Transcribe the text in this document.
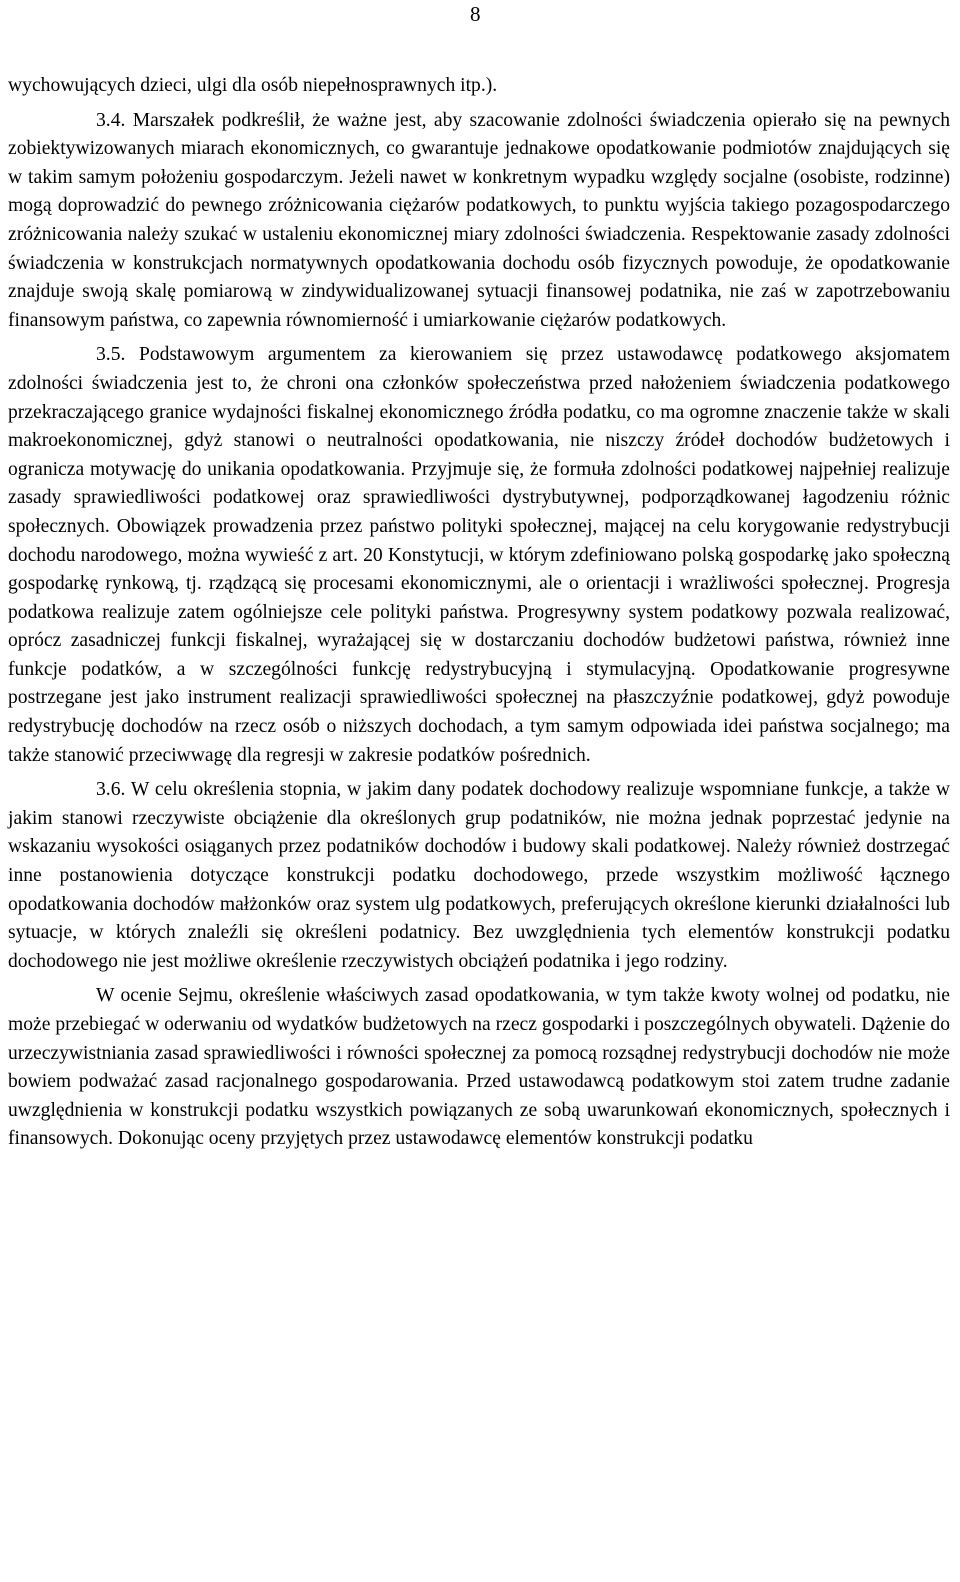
8

wychowujących dzieci, ulgi dla osób niepełnosprawnych itp.).

3.4. Marszałek podkreślił, że ważne jest, aby szacowanie zdolności świadczenia opierało się na pewnych zobiektywizowanych miarach ekonomicznych, co gwarantuje jednakowe opodatkowanie podmiotów znajdujących się w takim samym położeniu gospodarczym. Jeżeli nawet w konkretnym wypadku względy socjalne (osobiste, rodzinne) mogą doprowadzić do pewnego zróżnicowania ciężarów podatkowych, to punktu wyjścia takiego pozagospodarczego zróżnicowania należy szukać w ustaleniu ekonomicznej miary zdolności świadczenia. Respektowanie zasady zdolności świadczenia w konstrukcjach normatywnych opodatkowania dochodu osób fizycznych powoduje, że opodatkowanie znajduje swoją skalę pomiarową w zindywidualizowanej sytuacji finansowej podatnika, nie zaś w zapotrzebowaniu finansowym państwa, co zapewnia równomierność i umiarkowanie ciężarów podatkowych.

3.5. Podstawowym argumentem za kierowaniem się przez ustawodawcę podatkowego aksjomatem zdolności świadczenia jest to, że chroni ona członków społeczeństwa przed nałożeniem świadczenia podatkowego przekraczającego granice wydajności fiskalnej ekonomicznego źródła podatku, co ma ogromne znaczenie także w skali makroekonomicznej, gdyż stanowi o neutralności opodatkowania, nie niszczy źródeł dochodów budżetowych i ogranicza motywację do unikania opodatkowania. Przyjmuje się, że formuła zdolności podatkowej najpełniej realizuje zasady sprawiedliwości podatkowej oraz sprawiedliwości dystrybutywnej, podporządkowanej łagodzeniu różnic społecznych. Obowiązek prowadzenia przez państwo polityki społecznej, mającej na celu korygowanie redystrybucji dochodu narodowego, można wywieść z art. 20 Konstytucji, w którym zdefiniowano polską gospodarkę jako społeczną gospodarkę rynkową, tj. rządzącą się procesami ekonomicznymi, ale o orientacji i wrażliwości społecznej. Progresja podatkowa realizuje zatem ogólniejsze cele polityki państwa. Progresywny system podatkowy pozwala realizować, oprócz zasadniczej funkcji fiskalnej, wyrażającej się w dostarczaniu dochodów budżetowi państwa, również inne funkcje podatków, a w szczególności funkcję redystrybucyjną i stymulacyjną. Opodatkowanie progresywne postrzegane jest jako instrument realizacji sprawiedliwości społecznej na płaszczyźnie podatkowej, gdyż powoduje redystrybucję dochodów na rzecz osób o niższych dochodach, a tym samym odpowiada idei państwa socjalnego; ma także stanowić przeciwwagę dla regresji w zakresie podatków pośrednich.

3.6. W celu określenia stopnia, w jakim dany podatek dochodowy realizuje wspomniane funkcje, a także w jakim stanowi rzeczywiste obciążenie dla określonych grup podatników, nie można jednak poprzestać jedynie na wskazaniu wysokości osiąganych przez podatników dochodów i budowy skali podatkowej. Należy również dostrzegać inne postanowienia dotyczące konstrukcji podatku dochodowego, przede wszystkim możliwość łącznego opodatkowania dochodów małżonków oraz system ulg podatkowych, preferujących określone kierunki działalności lub sytuacje, w których znaleźli się określeni podatnicy. Bez uwzględnienia tych elementów konstrukcji podatku dochodowego nie jest możliwe określenie rzeczywistych obciążeń podatnika i jego rodziny.

W ocenie Sejmu, określenie właściwych zasad opodatkowania, w tym także kwoty wolnej od podatku, nie może przebiegać w oderwaniu od wydatków budżetowych na rzecz gospodarki i poszczególnych obywateli. Dążenie do urzeczywistniania zasad sprawiedliwości i równości społecznej za pomocą rozsądnej redystrybucji dochodów nie może bowiem podważać zasad racjonalnego gospodarowania. Przed ustawodawcą podatkowym stoi zatem trudne zadanie uwzględnienia w konstrukcji podatku wszystkich powiązanych ze sobą uwarunkowań ekonomicznych, społecznych i finansowych. Dokonując oceny przyjętych przez ustawodawcę elementów konstrukcji podatku
